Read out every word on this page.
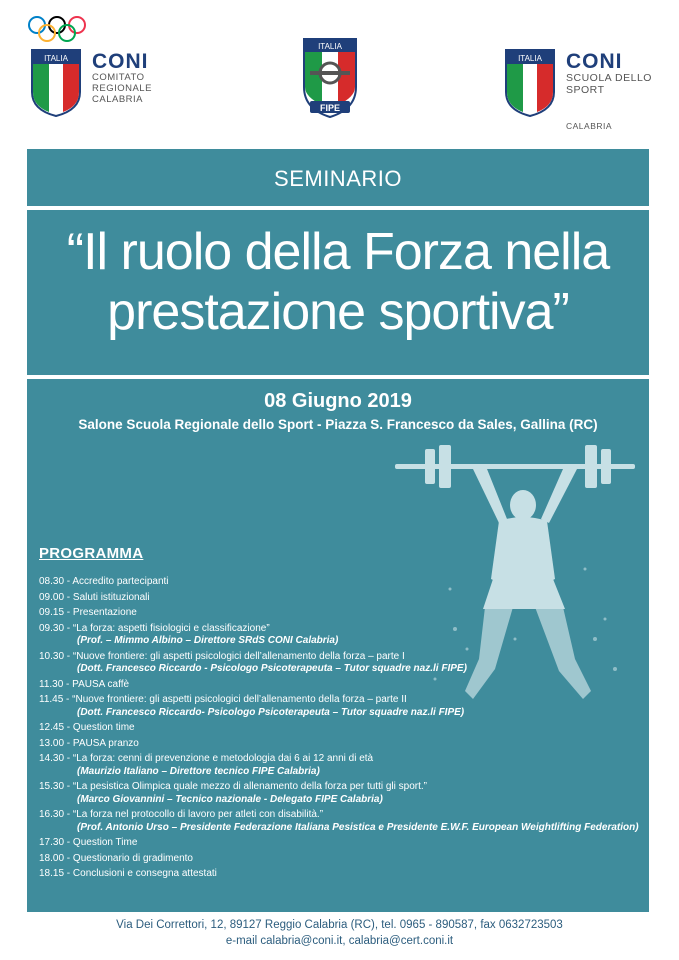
ITALIA CONI
COMITATO REGIONALE CALABRIA
ITALIA
FIPE
ITALIA CONI
SCUOLA DELLO SPORT
CALABRIA
SEMINARIO
“Il ruolo della Forza nella prestazione sportiva”
08 Giugno 2019
Salone Scuola Regionale dello Sport - Piazza S. Francesco da Sales, Gallina (RC)
PROGRAMMA
08.30 - Accredito partecipanti
09.00 - Saluti istituzionali
09.15 - Presentazione
09.30 - “La forza: aspetti fisiologici e classificazione”
(Prof. – Mimmo Albino – Direttore SRdS CONI Calabria)
10.30 - “Nuove frontiere: gli aspetti psicologici dell’allenamento della forza – parte I
(Dott. Francesco Riccardo - Psicologo Psicoterapeuta – Tutor squadre naz.li FIPE)
11.30 - PAUSA caffè
11.45 - “Nuove frontiere: gli aspetti psicologici dell’allenamento della forza – parte II
(Dott. Francesco Riccardo- Psicologo Psicoterapeuta – Tutor squadre naz.li FIPE)
12.45 - Question time
13.00 - PAUSA pranzo
14.30 - “La forza: cenni di prevenzione e metodologia dai 6 ai 12 anni di età
(Maurizio Italiano – Direttore tecnico FIPE Calabria)
15.30 - “La pesistica Olimpica quale mezzo di allenamento della forza per tutti gli sport.”
(Marco Giovannini – Tecnico nazionale - Delegato FIPE Calabria)
16.30 - “La forza nel protocollo di lavoro per atleti con disabilità.”
(Prof. Antonio Urso – Presidente Federazione Italiana Pesistica e Presidente E.W.F. European Weightlifting Federation)
17.30 - Question Time
18.00 - Questionario di gradimento
18.15 - Conclusioni e consegna attestati
Via Dei Correttori, 12, 89127 Reggio Calabria (RC), tel. 0965 - 890587, fax 0632723503
e-mail calabria@coni.it, calabria@cert.coni.it
